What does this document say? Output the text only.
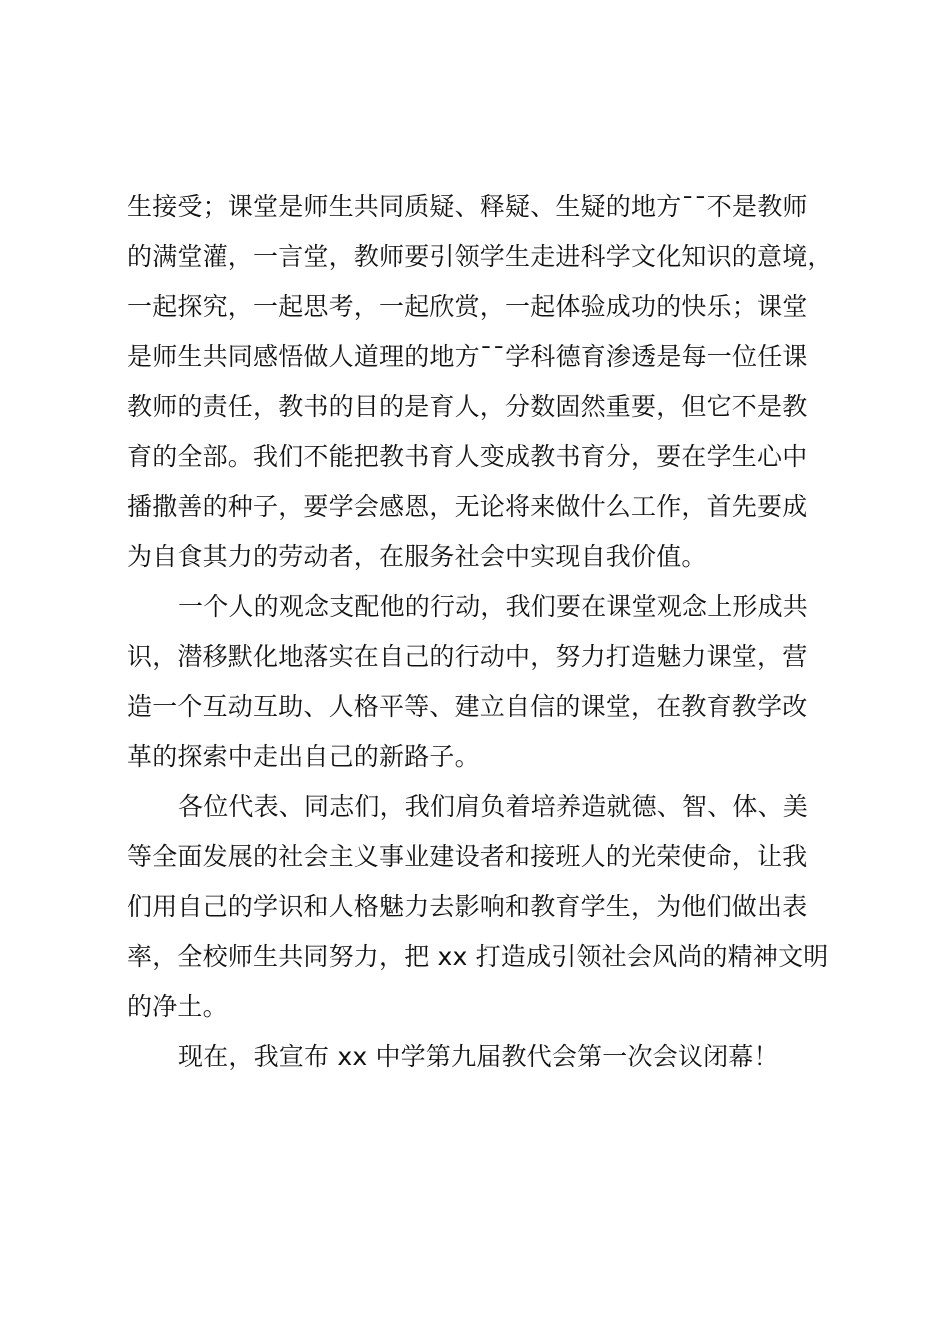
生接受；课堂是师生共同质疑、释疑、生疑的地方¯¯不是教师
的满堂灌，一言堂，教师要引领学生走进科学文化知识的意境，
一起探究，一起思考，一起欣赏，一起体验成功的快乐；课堂
是师生共同感悟做人道理的地方¯¯学科德育渗透是每一位任课
教师的责任，教书的目的是育人，分数固然重要，但它不是教
育的全部。我们不能把教书育人变成教书育分，要在学生心中
播撒善的种子，要学会感恩，无论将来做什么工作，首先要成
为自食其力的劳动者，在服务社会中实现自我价值。
一个人的观念支配他的行动，我们要在课堂观念上形成共
识，潜移默化地落实在自己的行动中，努力打造魅力课堂，营
造一个互动互助、人格平等、建立自信的课堂，在教育教学改
革的探索中走出自己的新路子。
各位代表、同志们，我们肩负着培养造就德、智、体、美
等全面发展的社会主义事业建设者和接班人的光荣使命，让我
们用自己的学识和人格魅力去影响和教育学生，为他们做出表
率，全校师生共同努力，把 xx 打造成引领社会风尚的精神文明
的净土。
现在，我宣布 xx 中学第九届教代会第一次会议闭幕！
